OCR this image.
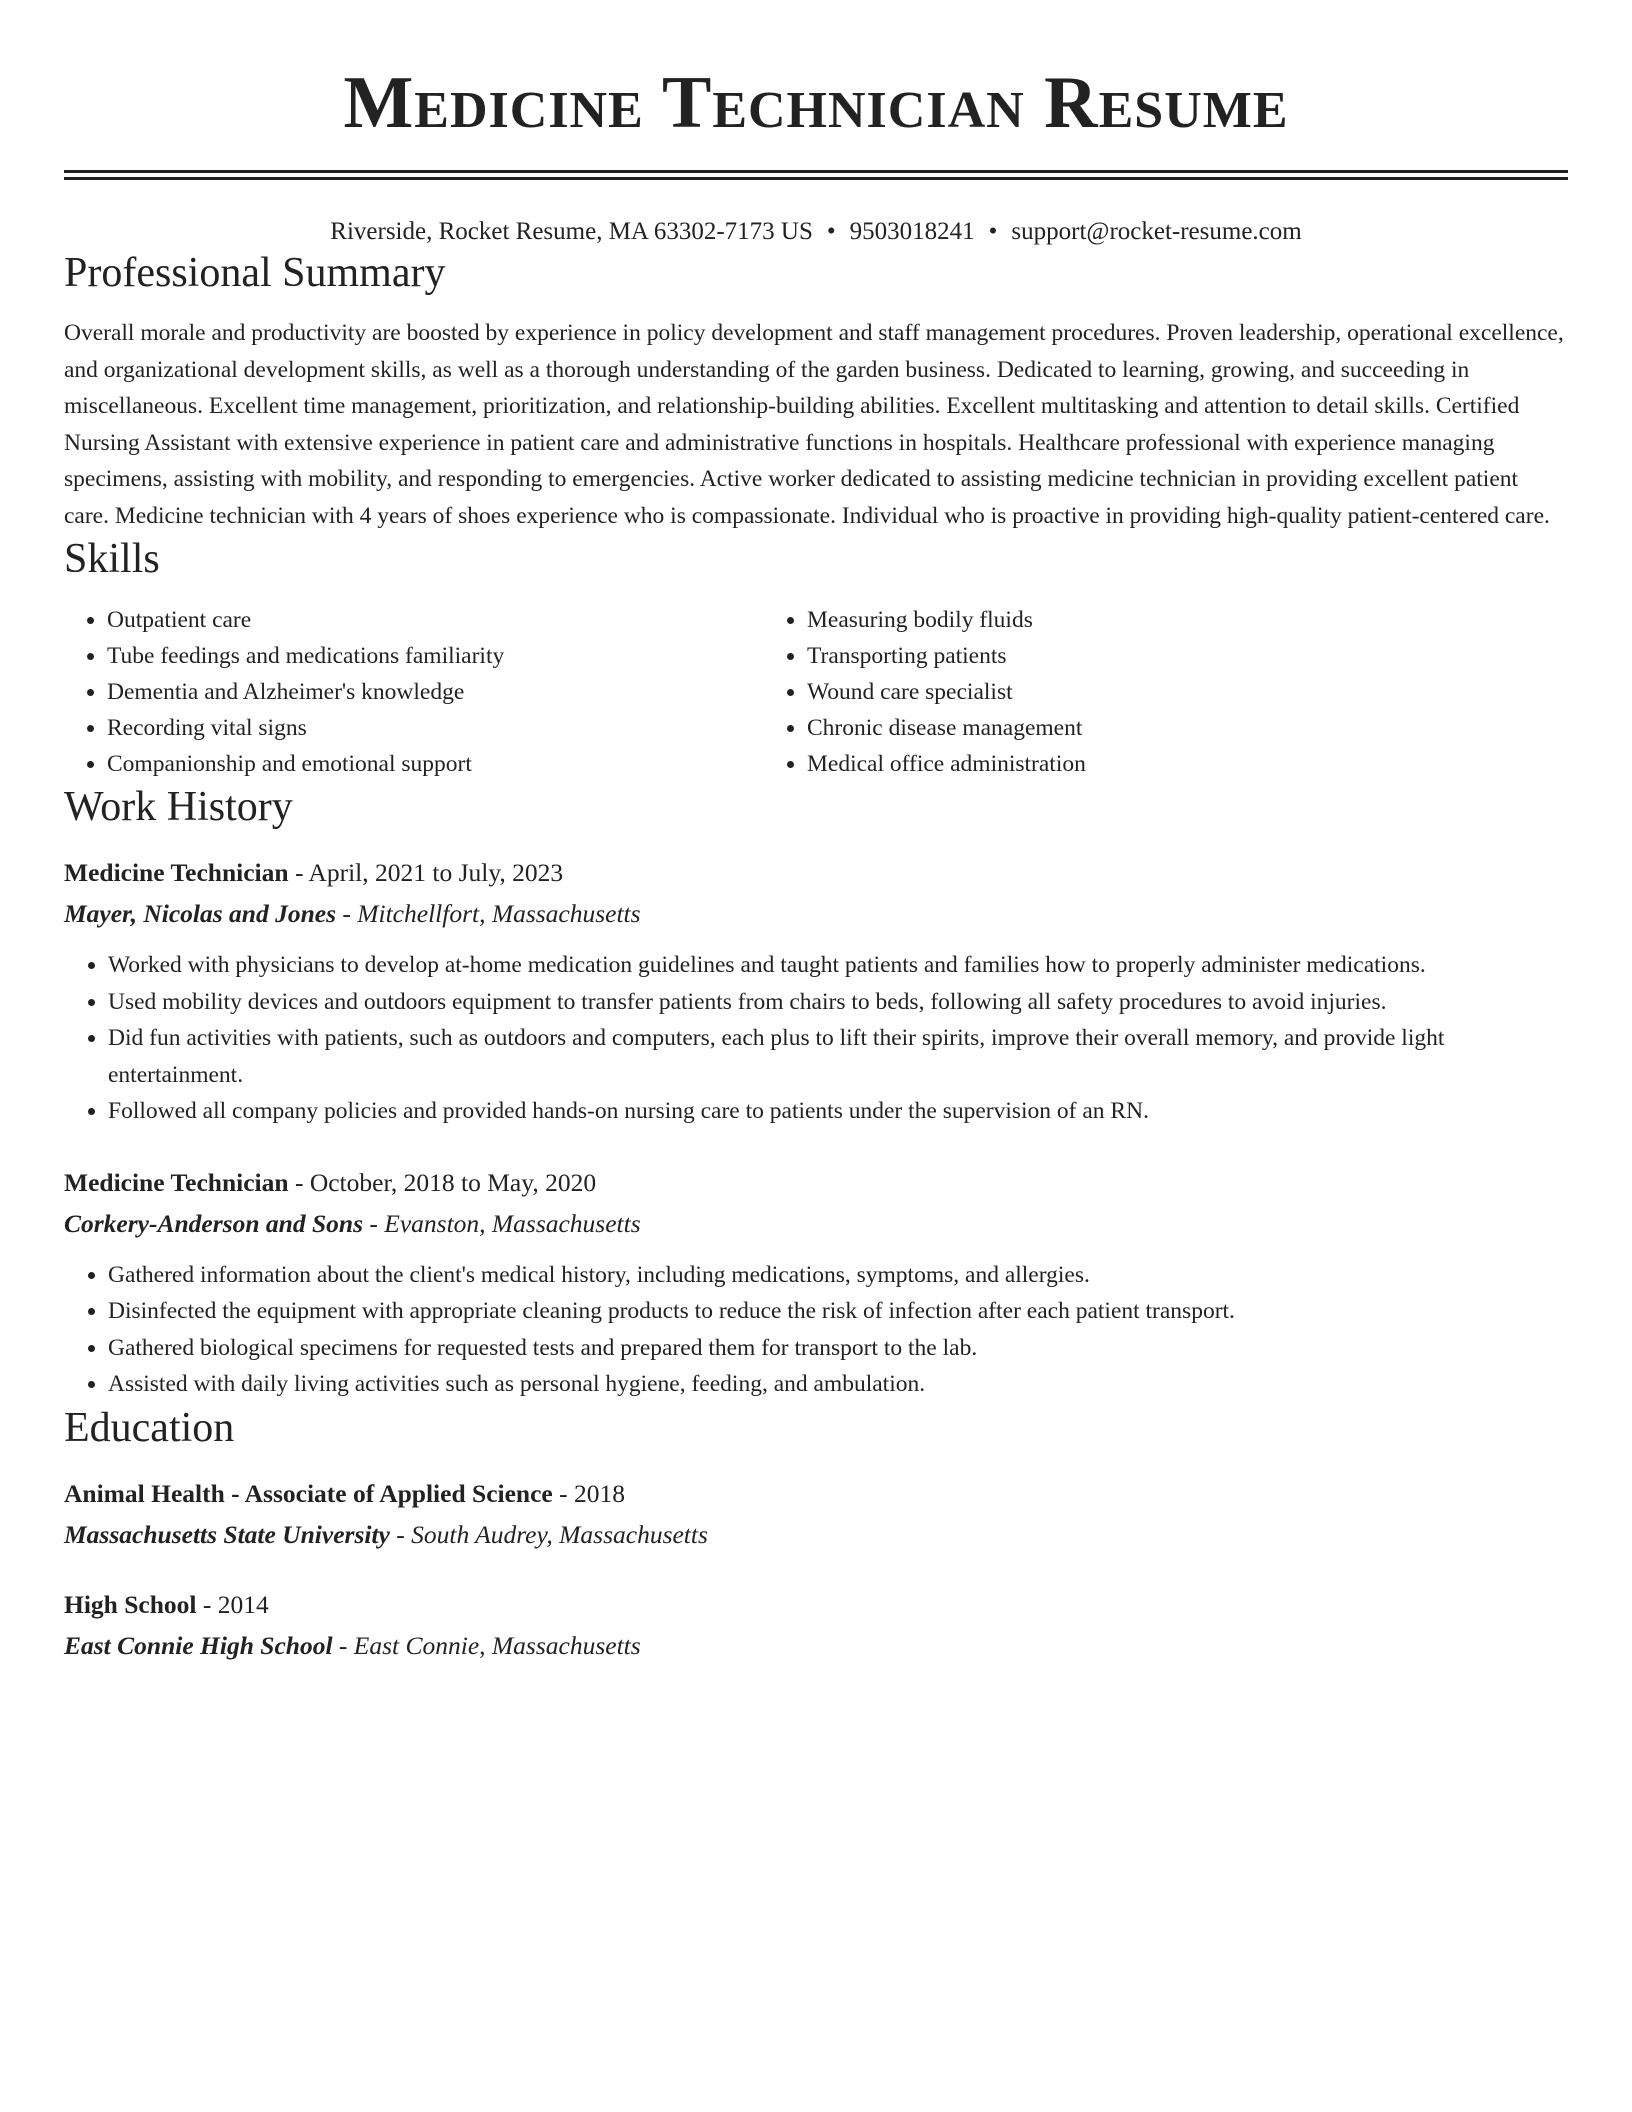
Medicine Technician Resume
Riverside, Rocket Resume, MA 63302-7173 US • 9503018241 • support@rocket-resume.com
Professional Summary

Overall morale and productivity are boosted by experience in policy development and staff management procedures. Proven leadership, operational excellence, and organizational development skills, as well as a thorough understanding of the garden business. Dedicated to learning, growing, and succeeding in miscellaneous. Excellent time management, prioritization, and relationship-building abilities. Excellent multitasking and attention to detail skills. Certified Nursing Assistant with extensive experience in patient care and administrative functions in hospitals. Healthcare professional with experience managing specimens, assisting with mobility, and responding to emergencies. Active worker dedicated to assisting medicine technician in providing excellent patient care. Medicine technician with 4 years of shoes experience who is compassionate. Individual who is proactive in providing high-quality patient-centered care.

Skills
• Outpatient care
• Tube feedings and medications familiarity
• Dementia and Alzheimer's knowledge
• Recording vital signs
• Companionship and emotional support
• Measuring bodily fluids
• Transporting patients
• Wound care specialist
• Chronic disease management
• Medical office administration
Work History
Medicine Technician - April, 2021 to July, 2023
Mayer, Nicolas and Jones - Mitchellfort, Massachusetts
• Worked with physicians to develop at-home medication guidelines and taught patients and families how to properly administer medications.
• Used mobility devices and outdoors equipment to transfer patients from chairs to beds, following all safety procedures to avoid injuries.
• Did fun activities with patients, such as outdoors and computers, each plus to lift their spirits, improve their overall memory, and provide light entertainment.
• Followed all company policies and provided hands-on nursing care to patients under the supervision of an RN.
Medicine Technician - October, 2018 to May, 2020
Corkery-Anderson and Sons - Evanston, Massachusetts
• Gathered information about the client's medical history, including medications, symptoms, and allergies.
• Disinfected the equipment with appropriate cleaning products to reduce the risk of infection after each patient transport.
• Gathered biological specimens for requested tests and prepared them for transport to the lab.
• Assisted with daily living activities such as personal hygiene, feeding, and ambulation.
Education
Animal Health - Associate of Applied Science - 2018
Massachusetts State University - South Audrey, Massachusetts
High School - 2014
East Connie High School - East Connie, Massachusetts
